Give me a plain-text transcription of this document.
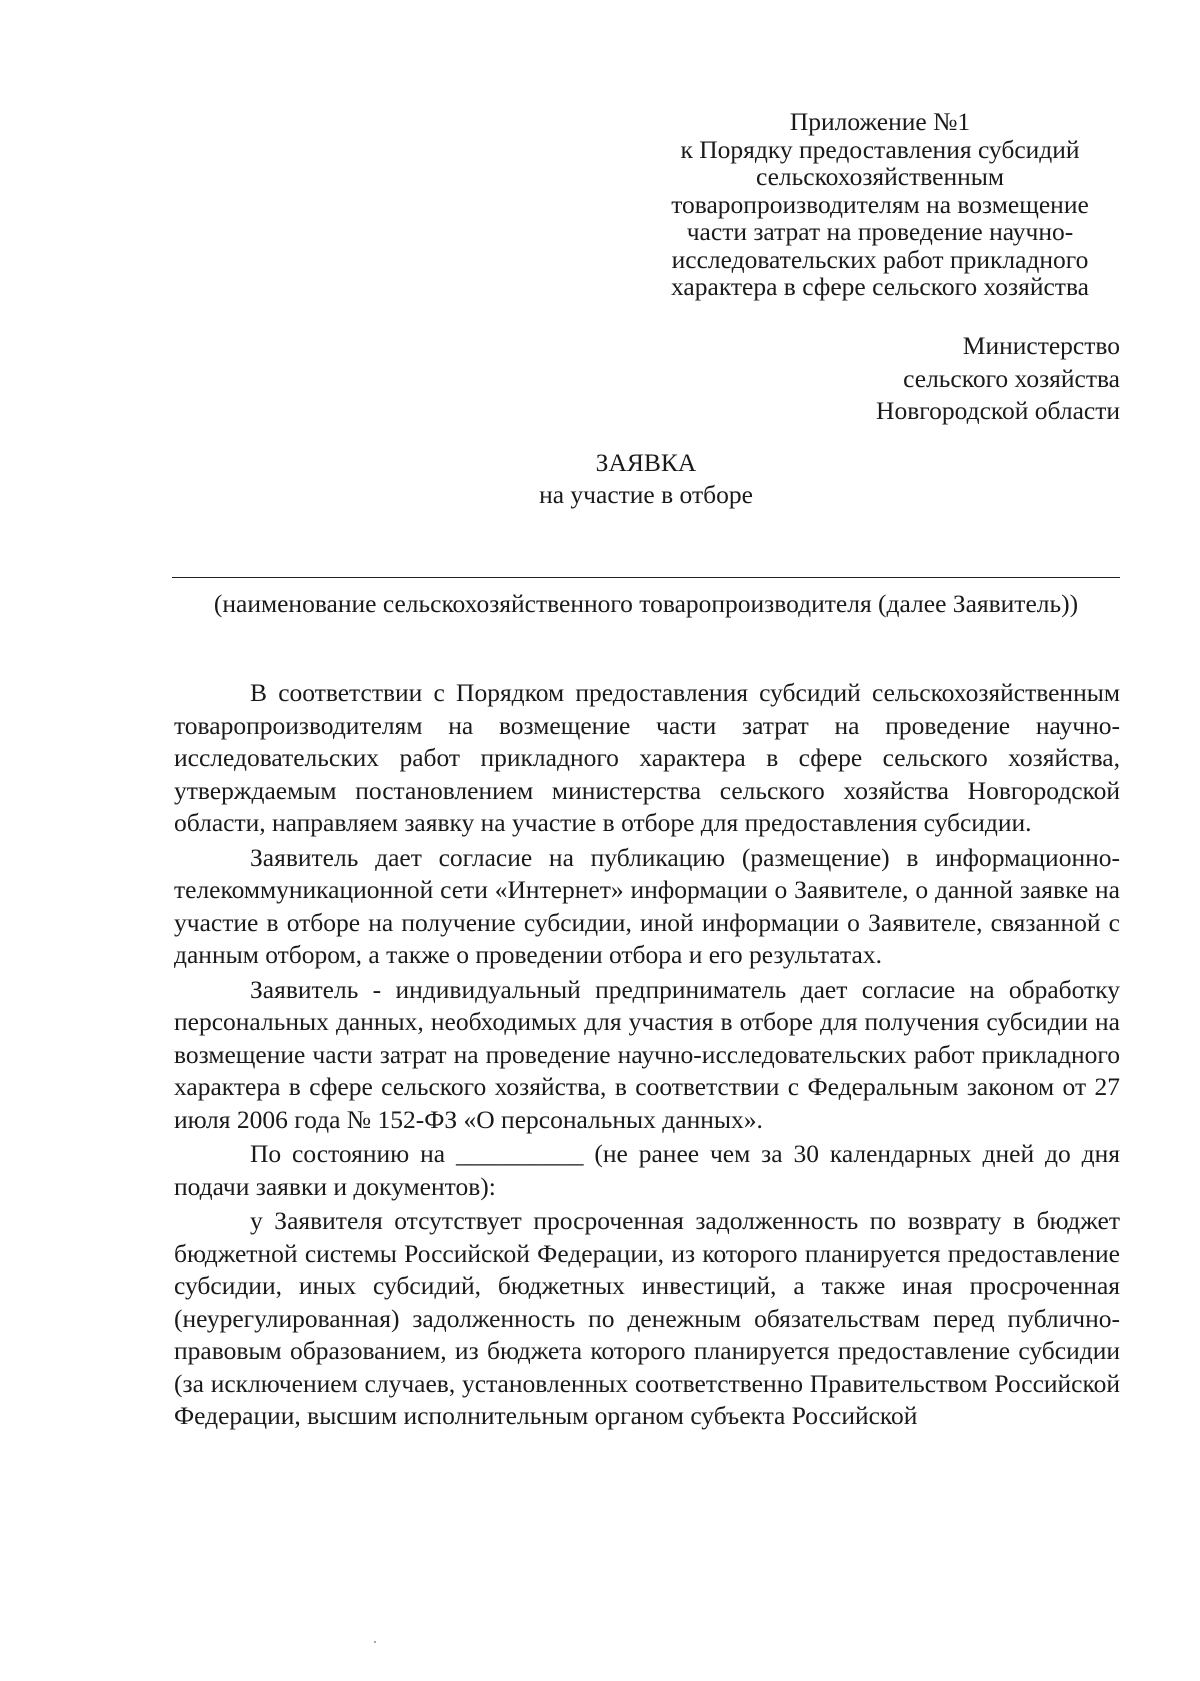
Приложение №1
к Порядку предоставления субсидий
сельскохозяйственным
товаропроизводителям на возмещение
части затрат на проведение научно-
исследовательских работ прикладного
характера в сфере сельского хозяйства
Министерство
сельского хозяйства
Новгородской области
ЗАЯВКА
на участие в отборе
(наименование сельскохозяйственного товаропроизводителя (далее Заявитель))

В соответствии с Порядком предоставления субсидий сельскохозяйственным товаропроизводителям на возмещение части затрат на проведение научно-исследовательских работ прикладного характера в сфере сельского хозяйства, утверждаемым постановлением министерства сельского хозяйства Новгородской области, направляем заявку на участие в отборе для предоставления субсидии.

Заявитель дает согласие на публикацию (размещение) в информационно-телекоммуникационной сети «Интернет» информации о Заявителе, о данной заявке на участие в отборе на получение субсидии, иной информации о Заявителе, связанной с данным отбором, а также о проведении отбора и его результатах.

Заявитель - индивидуальный предприниматель дает согласие на обработку персональных данных, необходимых для участия в отборе для получения субсидии на возмещение части затрат на проведение научно-исследовательских работ прикладного характера в сфере сельского хозяйства, в соответствии с Федеральным законом от 27 июля 2006 года № 152-ФЗ «О персональных данных».

По состоянию на __________ (не ранее чем за 30 календарных дней до дня подачи заявки и документов):

у Заявителя отсутствует просроченная задолженность по возврату в бюджет бюджетной системы Российской Федерации, из которого планируется предоставление субсидии, иных субсидий, бюджетных инвестиций, а также иная просроченная (неурегулированная) задолженность по денежным обязательствам перед публично-правовым образованием, из бюджета которого планируется предоставление субсидии (за исключением случаев, установленных соответственно Правительством Российской Федерации, высшим исполнительным органом субъекта Российской
